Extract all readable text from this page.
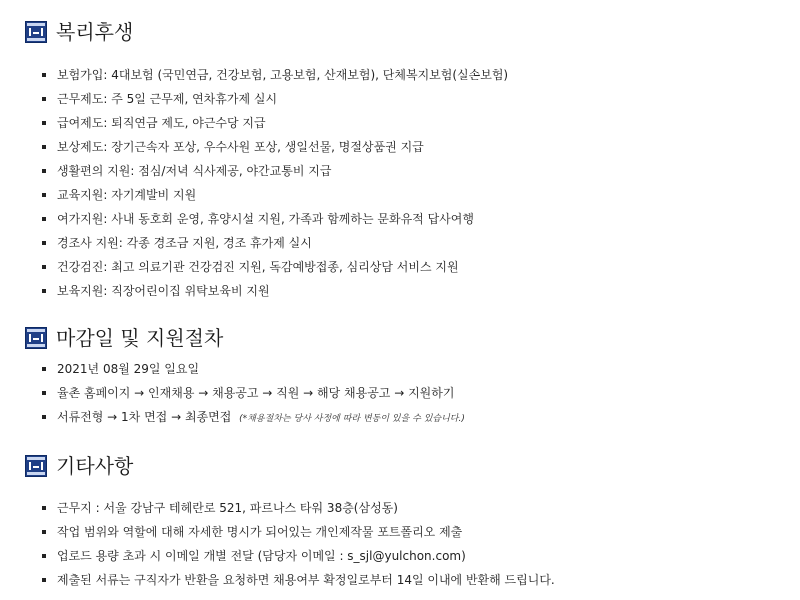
복리후생
보험가입: 4대보험 (국민연금, 건강보험, 고용보험, 산재보험), 단체복지보험(실손보험)
근무제도: 주 5일 근무제, 연차휴가제 실시
급여제도: 퇴직연금 제도, 야근수당 지급
보상제도: 장기근속자 포상, 우수사원 포상, 생일선물, 명절상품권 지급
생활편의 지원: 점심/저녁 식사제공, 야간교통비 지급
교육지원: 자기계발비 지원
여가지원: 사내 동호회 운영, 휴양시설 지원, 가족과 함께하는 문화유적 답사여행
경조사 지원: 각종 경조금 지원, 경조 휴가제 실시
건강검진: 최고 의료기관 건강검진 지원, 독감예방접종, 심리상담 서비스 지원
보육지원: 직장어린이집 위탁보육비 지원
마감일 및 지원절차
2021년 08월 29일 일요일
율촌 홈페이지 → 인재채용 → 채용공고 → 직원 → 해당 채용공고 → 지원하기
서류전형 → 1차 면접 → 최종면접 (*채용절차는 당사 사정에 따라 변동이 있을 수 있습니다.)
기타사항
근무지 : 서울 강남구 테헤란로 521, 파르나스 타워 38층(삼성동)
작업 범위와 역할에 대해 자세한 명시가 되어있는 개인제작물 포트폴리오 제출
업로드 용량 초과 시 이메일 개별 전달 (담당자 이메일 : s_sjl@yulchon.com)
제출된 서류는 구직자가 반환을 요청하면 채용여부 확정일로부터 14일 이내에 반환해 드립니다.
